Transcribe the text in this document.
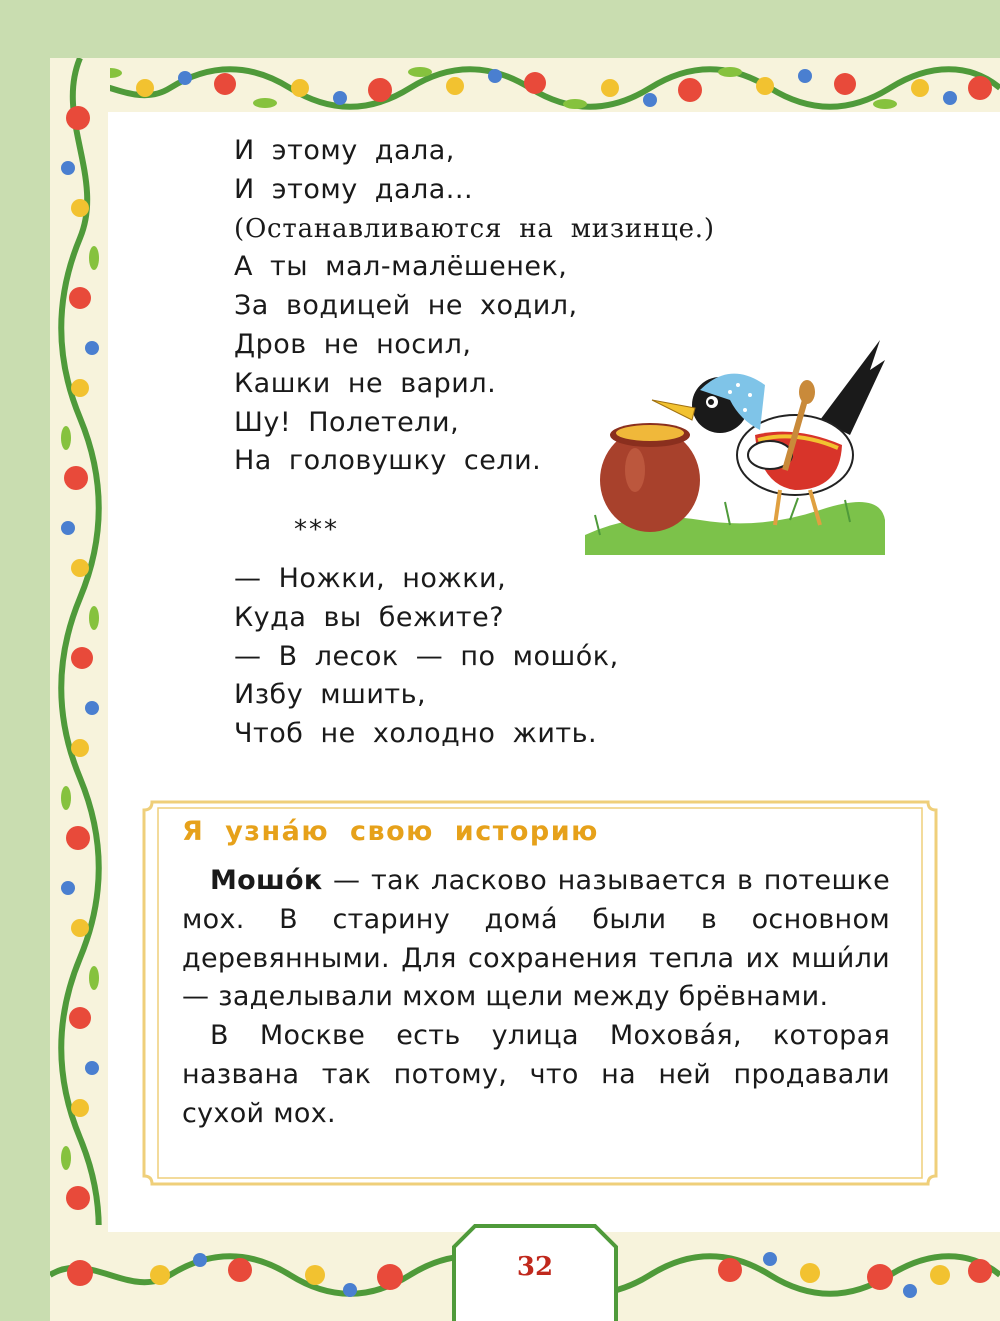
И этому дала,
И этому дала...
(Останавливаются на мизинце.)
А ты мал-малёшенек,
За водицей не ходил,
Дров не носил,
Кашки не варил.
Шу! Полетели,
На головушку сели.
***
— Ножки, ножки,
Куда вы бежите?
— В лесок — по мошо́к,
Избу мшить,
Чтоб не холодно жить.
Я узна́ю свою историю

Мошо́к — так ласково называется в потешке мох. В старину дома́ были в основном деревянными. Для сохранения тепла их мши́ли — заделывали мхом щели между брёвнами.

В Москве есть улица Мохова́я, которая названа так потому, что на ней продавали сухой мох.

32
